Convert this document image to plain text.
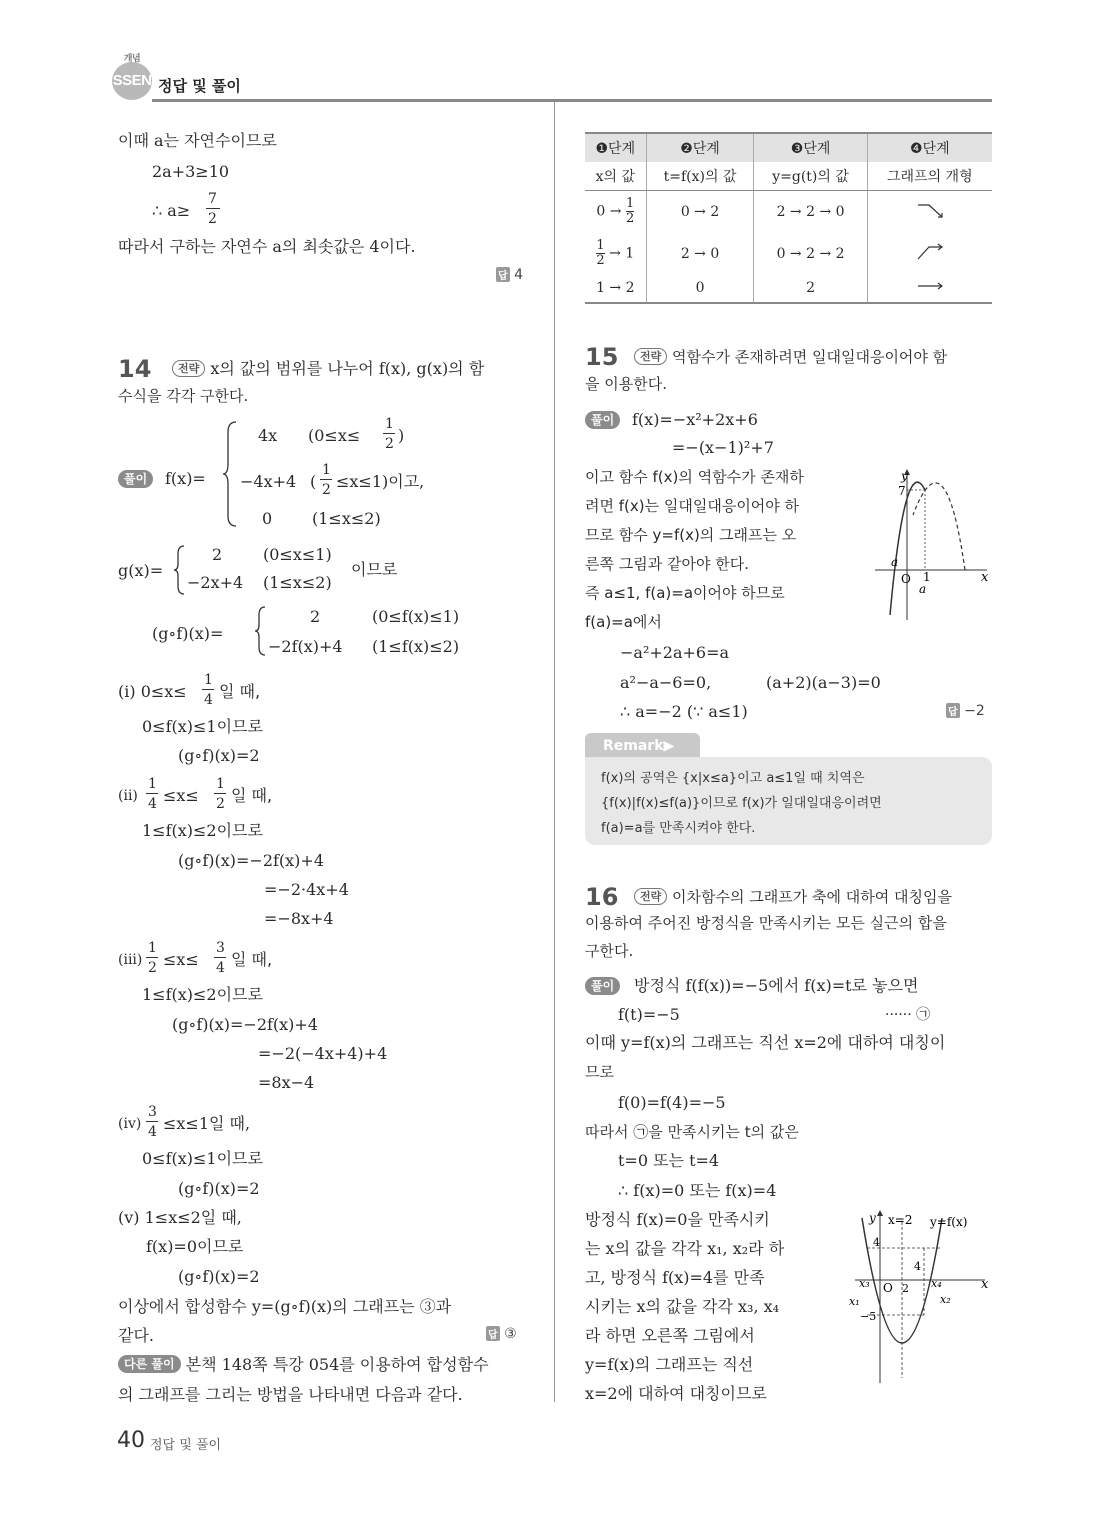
개념
SSEN 정답 및 풀이
이때 a는 자연수이므로
2a+3≥10
∴ a≥
7
2
따라서 구하는 자연수 a의 최솟값은 4이다.
답 4
14	전략 x의 값의 범위를 나누어 f(x), g(x)의 함
수식을 각각 구한다.
풀이	f(x)=
4x (0≤x≤
1
2 )
−4x+4 (
1
2 ≤x≤1)이고,
0 (1≤x≤2)
g(x)=
2	(0≤x≤1)
−2x+4 (1≤x≤2)
이므로
(g∘f)(x)=
2	(0≤f(x)≤1)
−2f(x)+4 (1≤f(x)≤2)
(i) 0≤x≤
1
4 일 때,
0≤f(x)≤1이므로
(g∘f)(x)=2
(ii)
1
4 ≤x≤
1
2 일 때,
1≤f(x)≤2이므로
(g∘f)(x)=−2f(x)+4
=−2·4x+4
=−8x+4
(iii)
1
2 ≤x≤
3
4 일 때,
1≤f(x)≤2이므로
(g∘f)(x)=−2f(x)+4
=−2(−4x+4)+4
=8x−4
(iv)
3
4 ≤x≤1일 때,
0≤f(x)≤1이므로
(g∘f)(x)=2
(v) 1≤x≤2일 때,
f(x)=0이므로
(g∘f)(x)=2
이상에서 합성함수 y=(g∘f)(x)의 그래프는 ③과
같다.	답 ③
다른 풀이 본책 148쪽 특강 054를 이용하여 합성함수
의 그래프를 그리는 방법을 나타내면 다음과 같다.
❶단계	❷단계	❸단계	❹단계
x의 값	t=f(x)의 값	y=g(t)의 값	그래프의 개형
$0 \to \frac{1}{2}$	0 → 2	2 → 2 → 0	
$\frac{1}{2} \to 1$	2 → 0	0 → 2 → 2	
1 → 2	0	2	
15	전략 역함수가 존재하려면 일대일대응이어야 함
을 이용한다.
풀이	f(x)=−x²+2x+6
=−(x−1)²+7
이고 함수 f(x)의 역함수가 존재하
려면 f(x)는 일대일대응이어야 하
므로 함수 y=f(x)의 그래프는 오
른쪽 그림과 같아야 한다.
즉 a≤1, f(a)=a이어야 하므로
f(a)=a에서
−a²+2a+6=a
a²−a−6=0,	(a+2)(a−3)=0
∴ a=−2 (∵ a≤1)	답 −2
y
7
a
O 1
a
x
Remark▶
f(x)의 공역은 {x|x≤a}이고 a≤1일 때 치역은
{f(x)|f(x)≤f(a)}이므로 f(x)가 일대일대응이려면
f(a)=a를 만족시켜야 한다.
16	전략 이차함수의 그래프가 축에 대하여 대칭임을
이용하여 주어진 방정식을 만족시키는 모든 실근의 합을
구한다.
풀이	방정식 f(f(x))=−5에서 f(x)=t로 놓으면
f(t)=−5	······ ㉠
이때 y=f(x)의 그래프는 직선 x=2에 대하여 대칭이
므로
f(0)=f(4)=−5
따라서 ㉠을 만족시키는 t의 값은
t=0 또는 t=4
∴ f(x)=0 또는 f(x)=4
방정식 f(x)=0을 만족시키
는 x의 값을 각각 x₁, x₂라 하
고, 방정식 f(x)=4를 만족
시키는 x의 값을 각각 x₃, x₄
라 하면 오른쪽 그림에서
y=f(x)의 그래프는 직선
x=2에 대하여 대칭이므로
y x=2 y=f(x)
4
4
x₃ O 2 x₄	x
x₁	x₂
−5
40 정답 및 풀이
